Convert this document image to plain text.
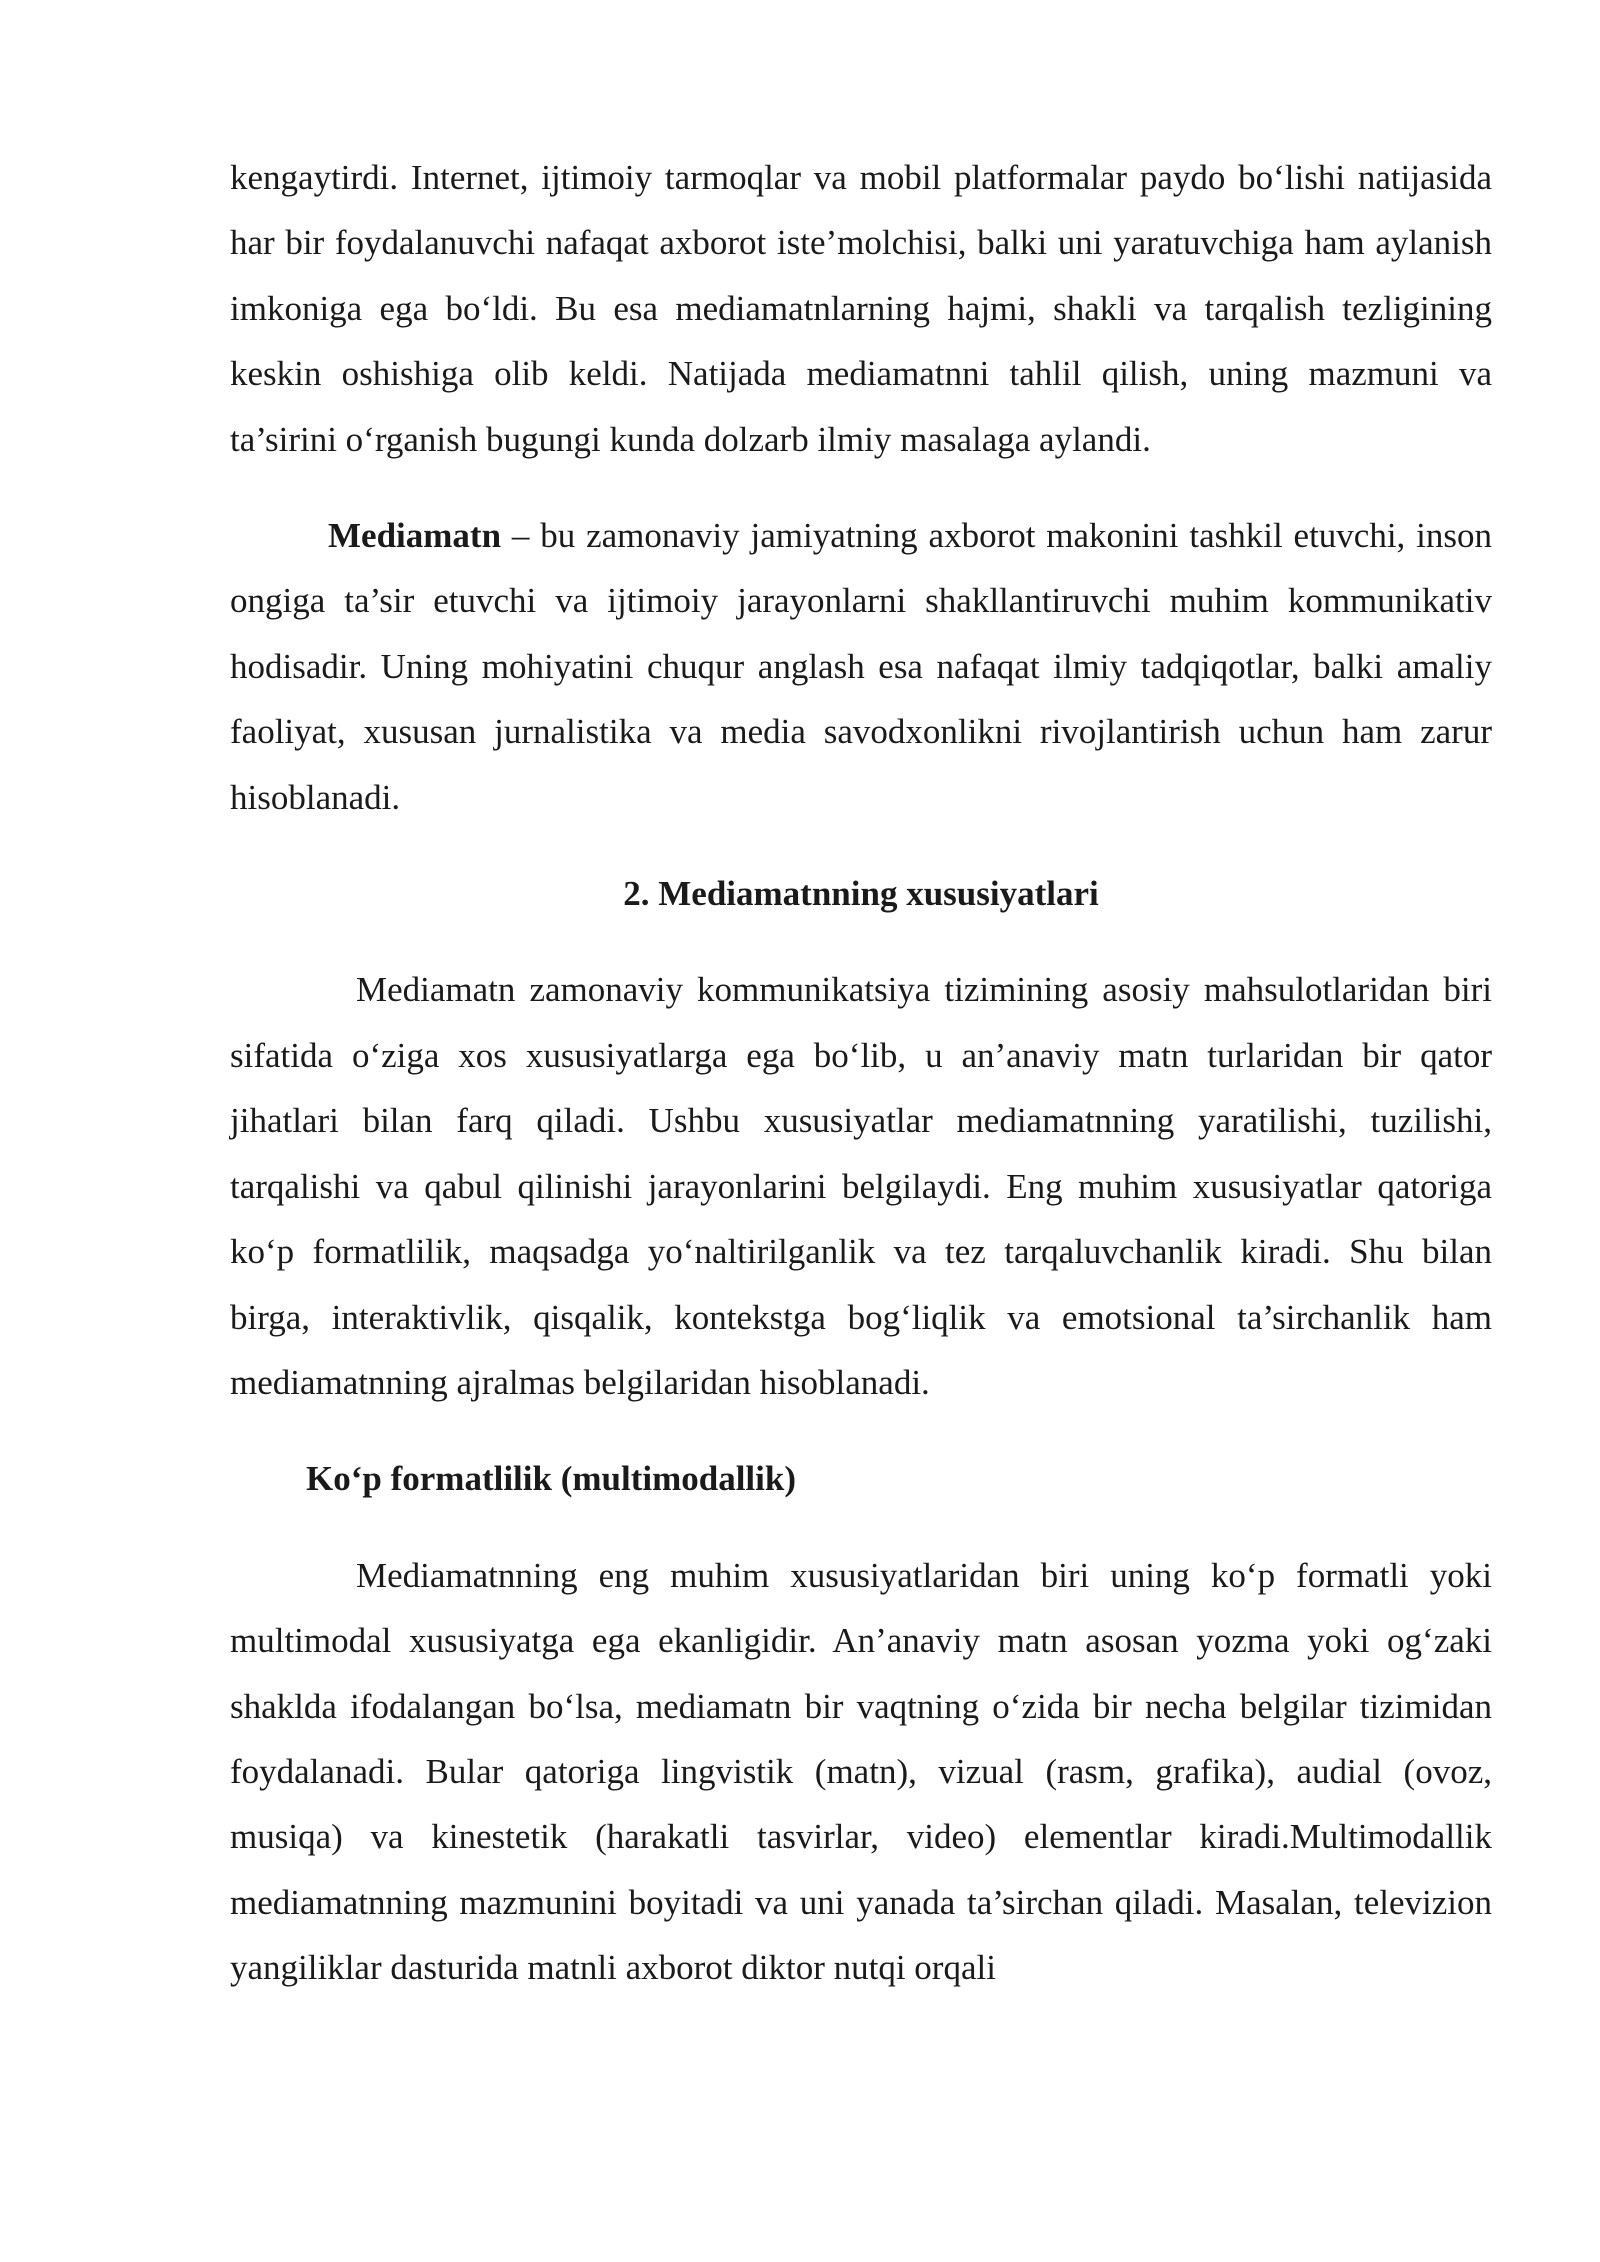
kengaytirdi. Internet, ijtimoiy tarmoqlar va mobil platformalar paydo bo‘lishi natijasida har bir foydalanuvchi nafaqat axborot iste’molchisi, balki uni yaratuvchiga ham aylanish imkoniga ega bo‘ldi. Bu esa mediamatnlarning hajmi, shakli va tarqalish tezligining keskin oshishiga olib keldi. Natijada mediamatnni tahlil qilish, uning mazmuni va ta’sirini o‘rganish bugungi kunda dolzarb ilmiy masalaga aylandi.

Mediamatn – bu zamonaviy jamiyatning axborot makonini tashkil etuvchi, inson ongiga ta’sir etuvchi va ijtimoiy jarayonlarni shakllantiruvchi muhim kommunikativ hodisadir. Uning mohiyatini chuqur anglash esa nafaqat ilmiy tadqiqotlar, balki amaliy faoliyat, xususan jurnalistika va media savodxonlikni rivojlantirish uchun ham zarur hisoblanadi.

2. Mediamatnning xususiyatlari

Mediamatn zamonaviy kommunikatsiya tizimining asosiy mahsulotlaridan biri sifatida o‘ziga xos xususiyatlarga ega bo‘lib, u an’anaviy matn turlaridan bir qator jihatlari bilan farq qiladi. Ushbu xususiyatlar mediamatnning yaratilishi, tuzilishi, tarqalishi va qabul qilinishi jarayonlarini belgilaydi. Eng muhim xususiyatlar qatoriga ko‘p formatlilik, maqsadga yo‘naltirilganlik va tez tarqaluvchanlik kiradi. Shu bilan birga, interaktivlik, qisqalik, kontekstga bog‘liqlik va emotsional ta’sirchanlik ham mediamatnning ajralmas belgilaridan hisoblanadi.

Ko‘p formatlilik (multimodallik)

Mediamatnning eng muhim xususiyatlaridan biri uning ko‘p formatli yoki multimodal xususiyatga ega ekanligidir. An’anaviy matn asosan yozma yoki og‘zaki shaklda ifodalangan bo‘lsa, mediamatn bir vaqtning o‘zida bir necha belgilar tizimidan foydalanadi. Bular qatoriga lingvistik (matn), vizual (rasm, grafika), audial (ovoz, musiqa) va kinestetik (harakatli tasvirlar, video) elementlar kiradi.Multimodallik mediamatnning mazmunini boyitadi va uni yanada ta’sirchan qiladi. Masalan, televizion yangiliklar dasturida matnli axborot diktor nutqi orqali
